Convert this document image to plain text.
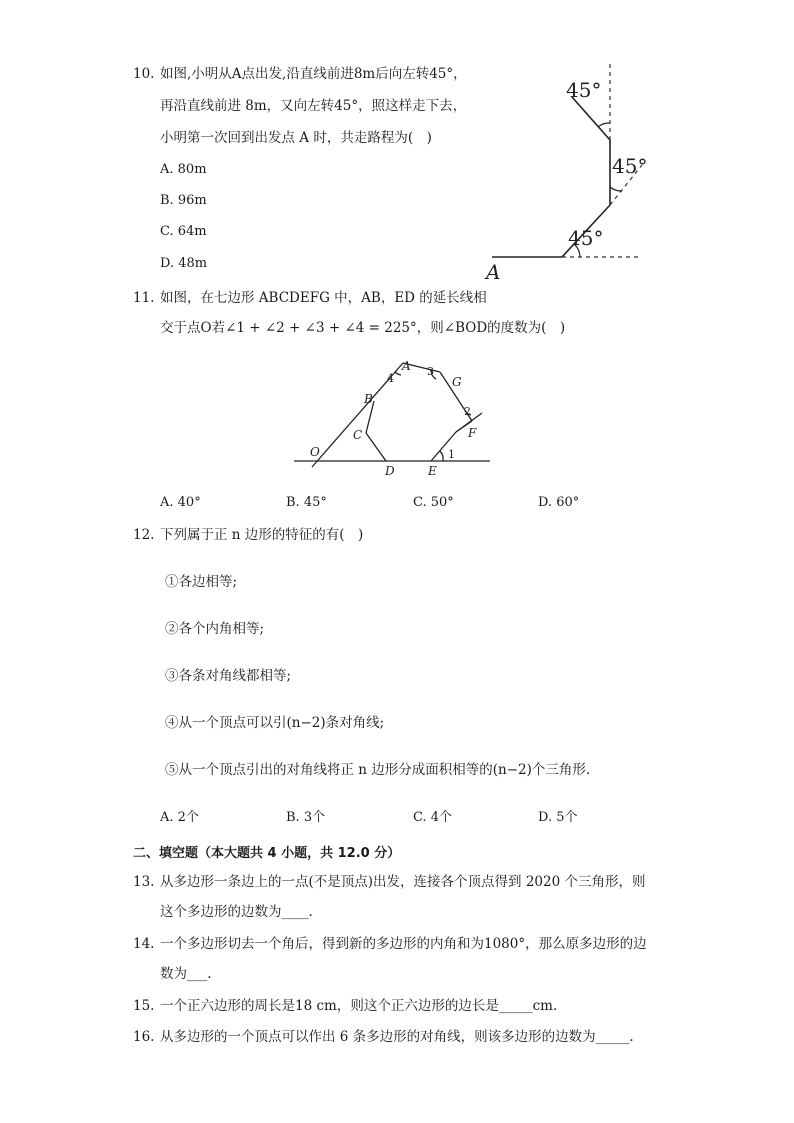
10. 如图,小明从A点出发,沿直线前进8m后向左转45°，
再沿直线前进 8m，又向左转45°，照这样走下去，
小明第一次回到出发点 A 时，共走路程为(　)
A. 80m
B. 96m
C. 64m
D. 48m
45°
45°
45°
A
11. 如图，在七边形 ABCDEFG 中，AB，ED 的延长线相
交于点O若∠1 + ∠2 + ∠3 + ∠4 = 225°，则∠BOD的度数为(　)
A
B
C
D	E
F
G
O	1
2
3
4
A. 40°	B. 45°	C. 50°	D. 60°
12. 下列属于正 n 边形的特征的有(　)
①各边相等;
②各个内角相等;
③各条对角线都相等;
④从一个顶点可以引(n−2)条对角线;
⑤从一个顶点引出的对角线将正 n 边形分成面积相等的(n−2)个三角形.
A. 2个	B. 3个	C. 4个	D. 5个
二、填空题（本大题共 4 小题，共 12.0 分）
13. 从多边形一条边上的一点(不是顶点)出发，连接各个顶点得到 2020 个三角形，则
这个多边形的边数为____.
14. 一个多边形切去一个角后，得到新的多边形的内角和为1080°，那么原多边形的边
数为___.
15. 一个正六边形的周长是18 cm，则这个正六边形的边长是_____cm.
16. 从多边形的一个顶点可以作出 6 条多边形的对角线，则该多边形的边数为_____.
